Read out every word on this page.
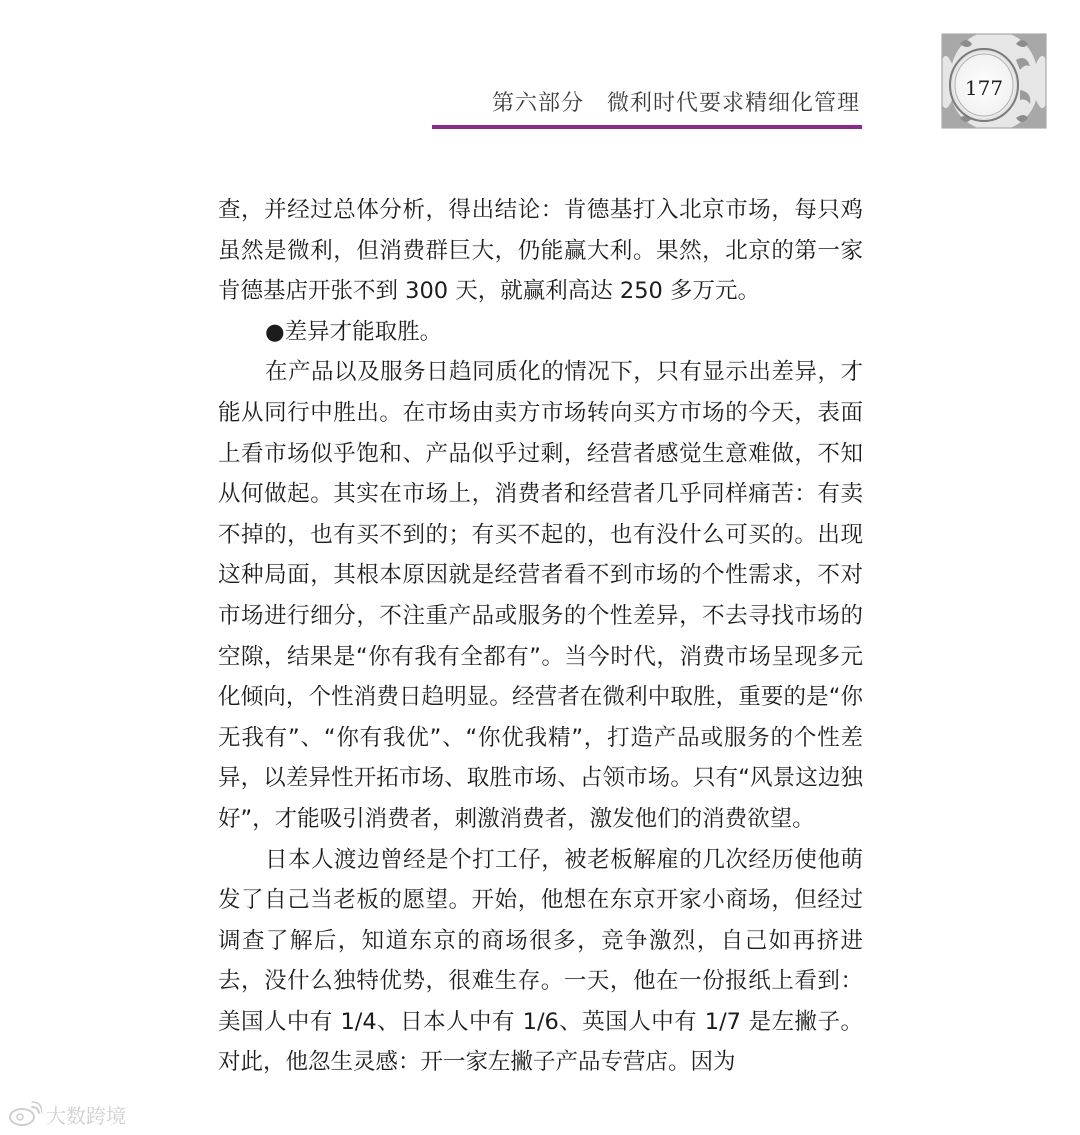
第六部分　微利时代要求精细化管理
177

查，并经过总体分析，得出结论：肯德基打入北京市场，每只鸡虽然是微利，但消费群巨大，仍能赢大利。果然，北京的第一家肯德基店开张不到 300 天，就赢利高达 250 多万元。

●差异才能取胜。

在产品以及服务日趋同质化的情况下，只有显示出差异，才能从同行中胜出。在市场由卖方市场转向买方市场的今天，表面上看市场似乎饱和、产品似乎过剩，经营者感觉生意难做，不知从何做起。其实在市场上，消费者和经营者几乎同样痛苦：有卖不掉的，也有买不到的；有买不起的，也有没什么可买的。出现这种局面，其根本原因就是经营者看不到市场的个性需求，不对市场进行细分，不注重产品或服务的个性差异，不去寻找市场的空隙，结果是“你有我有全都有”。当今时代，消费市场呈现多元化倾向，个性消费日趋明显。经营者在微利中取胜，重要的是“你无我有”、“你有我优”、“你优我精”，打造产品或服务的个性差异，以差异性开拓市场、取胜市场、占领市场。只有“风景这边独好”，才能吸引消费者，刺激消费者，激发他们的消费欲望。

日本人渡边曾经是个打工仔，被老板解雇的几次经历使他萌发了自己当老板的愿望。开始，他想在东京开家小商场，但经过调查了解后，知道东京的商场很多，竞争激烈，自己如再挤进去，没什么独特优势，很难生存。一天，他在一份报纸上看到：美国人中有 1/4、日本人中有 1/6、英国人中有 1/7 是左撇子。对此，他忽生灵感：开一家左撇子产品专营店。因为

大数跨境
